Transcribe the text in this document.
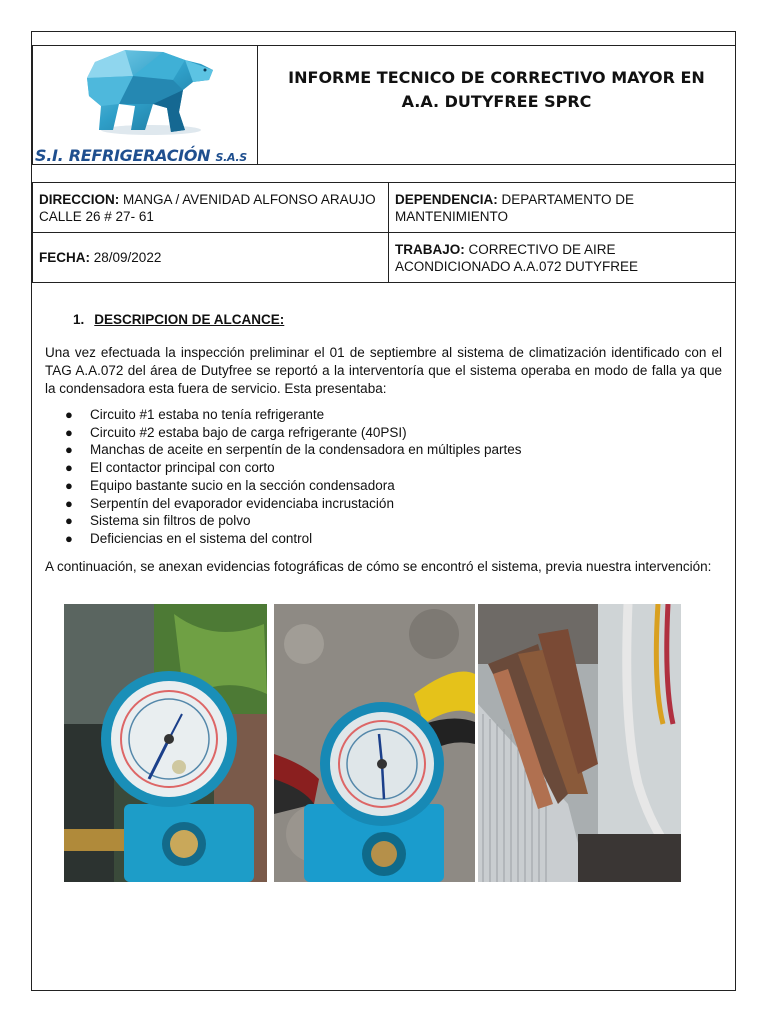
S.I. REFRIGERACIÓN S.A.S
INFORME TECNICO DE CORRECTIVO MAYOR EN A.A. DUTYFREE SPRC
DIRECCION: MANGA / AVENIDAD ALFONSO ARAUJO CALLE 26 # 27- 61
DEPENDENCIA: DEPARTAMENTO DE MANTENIMIENTO
FECHA: 28/09/2022
TRABAJO: CORRECTIVO DE AIRE ACONDICIONADO A.A.072 DUTYFREE
1. DESCRIPCION DE ALCANCE:
Una vez efectuada la inspección preliminar el 01 de septiembre al sistema de climatización identificado con el TAG A.A.072 del área de Dutyfree se reportó a la interventoría que el sistema operaba en modo de falla ya que la condensadora esta fuera de servicio. Esta presentaba:
● Circuito #1 estaba no tenía refrigerante
● Circuito #2 estaba bajo de carga refrigerante (40PSI)
● Manchas de aceite en serpentín de la condensadora en múltiples partes
● El contactor principal con corto
● Equipo bastante sucio en la sección condensadora
● Serpentín del evaporador evidenciaba incrustación
● Sistema sin filtros de polvo
● Deficiencias en el sistema del control
A continuación, se anexan evidencias fotográficas de cómo se encontró el sistema, previa nuestra intervención:
